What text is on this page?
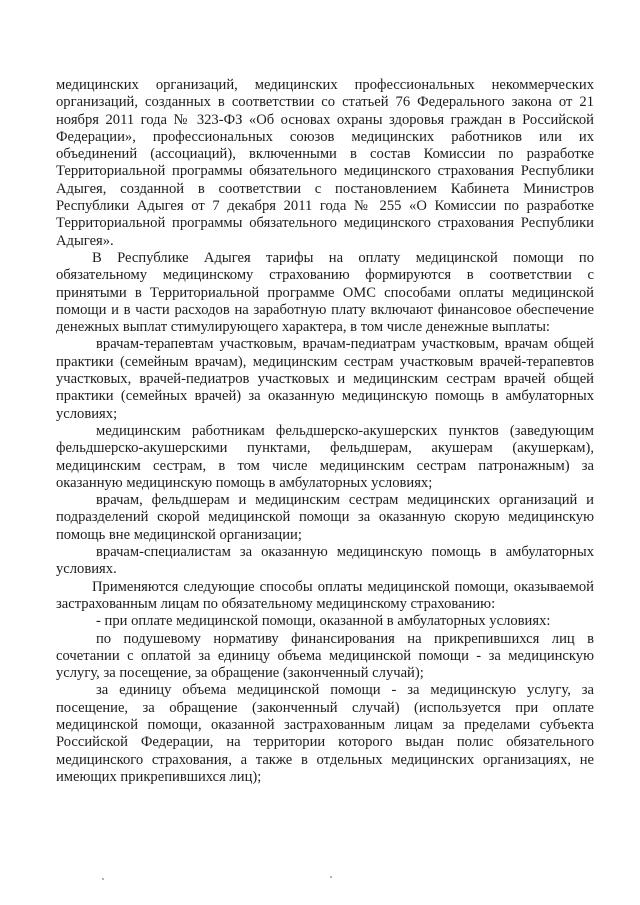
медицинских организаций, медицинских профессиональных некоммерческих организаций, созданных в соответствии со статьей 76 Федерального закона от 21 ноября 2011 года № 323-ФЗ «Об основах охраны здоровья граждан в Российской Федерации», профессиональных союзов медицинских работников или их объединений (ассоциаций), включенными в состав Комиссии по разработке Территориальной программы обязательного медицинского страхования Республики Адыгея, созданной в соответствии с постановлением Кабинета Министров Республики Адыгея от 7 декабря 2011 года № 255 «О Комиссии по разработке Территориальной программы обязательного медицинского страхования Республики Адыгея».

В Республике Адыгея тарифы на оплату медицинской помощи по обязательному медицинскому страхованию формируются в соответствии с принятыми в Территориальной программе ОМС способами оплаты медицинской помощи и в части расходов на заработную плату включают финансовое обеспечение денежных выплат стимулирующего характера, в том числе денежные выплаты:

врачам-терапевтам участковым, врачам-педиатрам участковым, врачам общей практики (семейным врачам), медицинским сестрам участковым врачей-терапевтов участковых, врачей-педиатров участковых и медицинским сестрам врачей общей практики (семейных врачей) за оказанную медицинскую помощь в амбулаторных условиях;

медицинским работникам фельдшерско-акушерских пунктов (заведующим фельдшерско-акушерскими пунктами, фельдшерам, акушерам (акушеркам), медицинским сестрам, в том числе медицинским сестрам патронажным) за оказанную медицинскую помощь в амбулаторных условиях;

врачам, фельдшерам и медицинским сестрам медицинских организаций и подразделений скорой медицинской помощи за оказанную скорую медицинскую помощь вне медицинской организации;

врачам-специалистам за оказанную медицинскую помощь в амбулаторных условиях.

Применяются следующие способы оплаты медицинской помощи, оказываемой застрахованным лицам по обязательному медицинскому страхованию:

- при оплате медицинской помощи, оказанной в амбулаторных условиях:

по подушевому нормативу финансирования на прикрепившихся лиц в сочетании с оплатой за единицу объема медицинской помощи - за медицинскую услугу, за посещение, за обращение (законченный случай);

за единицу объема медицинской помощи - за медицинскую услугу, за посещение, за обращение (законченный случай) (используется при оплате медицинской помощи, оказанной застрахованным лицам за пределами субъекта Российской Федерации, на территории которого выдан полис обязательного медицинского страхования, а также в отдельных медицинских организациях, не имеющих прикрепившихся лиц);
